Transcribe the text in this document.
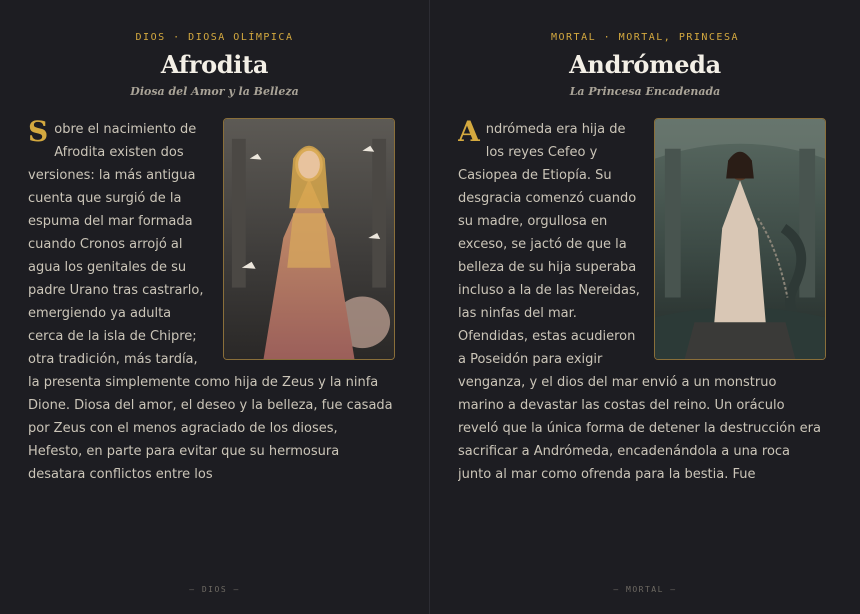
DIOS · DIOSA OLÍMPICA
Afrodita
Diosa del Amor y la Belleza

Sobre el nacimiento de Afrodita existen dos versiones: la más antigua cuenta que surgió de la espuma del mar formada cuando Cronos arrojó al agua los genitales de su padre Urano tras castrarlo, emergiendo ya adulta cerca de la isla de Chipre; otra tradición, más tardía, la presenta simplemente como hija de Zeus y la ninfa Dione. Diosa del amor, el deseo y la belleza, fue casada por Zeus con el menos agraciado de los dioses, Hefesto, en parte para evitar que su hermosura desatara conflictos entre los

— DIOS —
MORTAL · MORTAL, PRINCESA
Andrómeda
La Princesa Encadenada

Andrómeda era hija de los reyes Cefeo y Casiopea de Etiopía. Su desgracia comenzó cuando su madre, orgullosa en exceso, se jactó de que la belleza de su hija superaba incluso a la de las Nereidas, las ninfas del mar. Ofendidas, estas acudieron a Poseidón para exigir venganza, y el dios del mar envió a un monstruo marino a devastar las costas del reino. Un oráculo reveló que la única forma de detener la destrucción era sacrificar a Andrómeda, encadenándola a una roca junto al mar como ofrenda para la bestia. Fue

— MORTAL —
